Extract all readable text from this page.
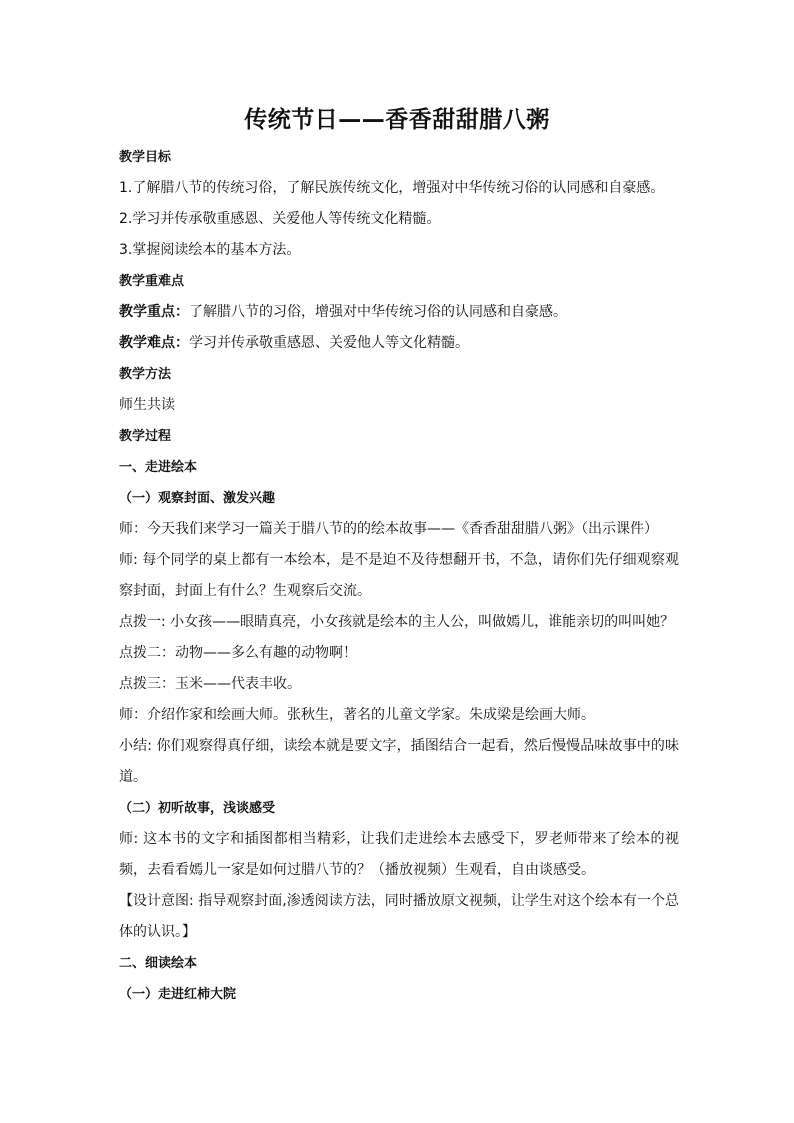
传统节日——香香甜甜腊八粥

教学目标

1.了解腊八节的传统习俗，了解民族传统文化，增强对中华传统习俗的认同感和自豪感。

2.学习并传承敬重感恩、关爱他人等传统文化精髓。

3.掌握阅读绘本的基本方法。

教学重难点

教学重点：了解腊八节的习俗，增强对中华传统习俗的认同感和自豪感。

教学难点：学习并传承敬重感恩、关爱他人等文化精髓。

教学方法

师生共读

教学过程

一、走进绘本

（一）观察封面、激发兴趣

师：今天我们来学习一篇关于腊八节的的绘本故事——《香香甜甜腊八粥》（出示课件）

师: 每个同学的桌上都有一本绘本，是不是迫不及待想翻开书，不急，请你们先仔细观察观察封面，封面上有什么？生观察后交流。

点拨一: 小女孩——眼睛真亮，小女孩就是绘本的主人公，叫做嫣儿，谁能亲切的叫叫她？

点拨二：动物——多么有趣的动物啊！

点拨三：玉米——代表丰收。

师：介绍作家和绘画大师。张秋生，著名的儿童文学家。朱成梁是绘画大师。

小结: 你们观察得真仔细，读绘本就是要文字，插图结合一起看，然后慢慢品味故事中的味道。

（二）初听故事，浅谈感受

师: 这本书的文字和插图都相当精彩，让我们走进绘本去感受下，罗老师带来了绘本的视频，去看看嫣儿一家是如何过腊八节的？（播放视频）生观看，自由谈感受。

【设计意图: 指导观察封面,渗透阅读方法，同时播放原文视频，让学生对这个绘本有一个总体的认识。】

二、细读绘本

（一）走进红柿大院
